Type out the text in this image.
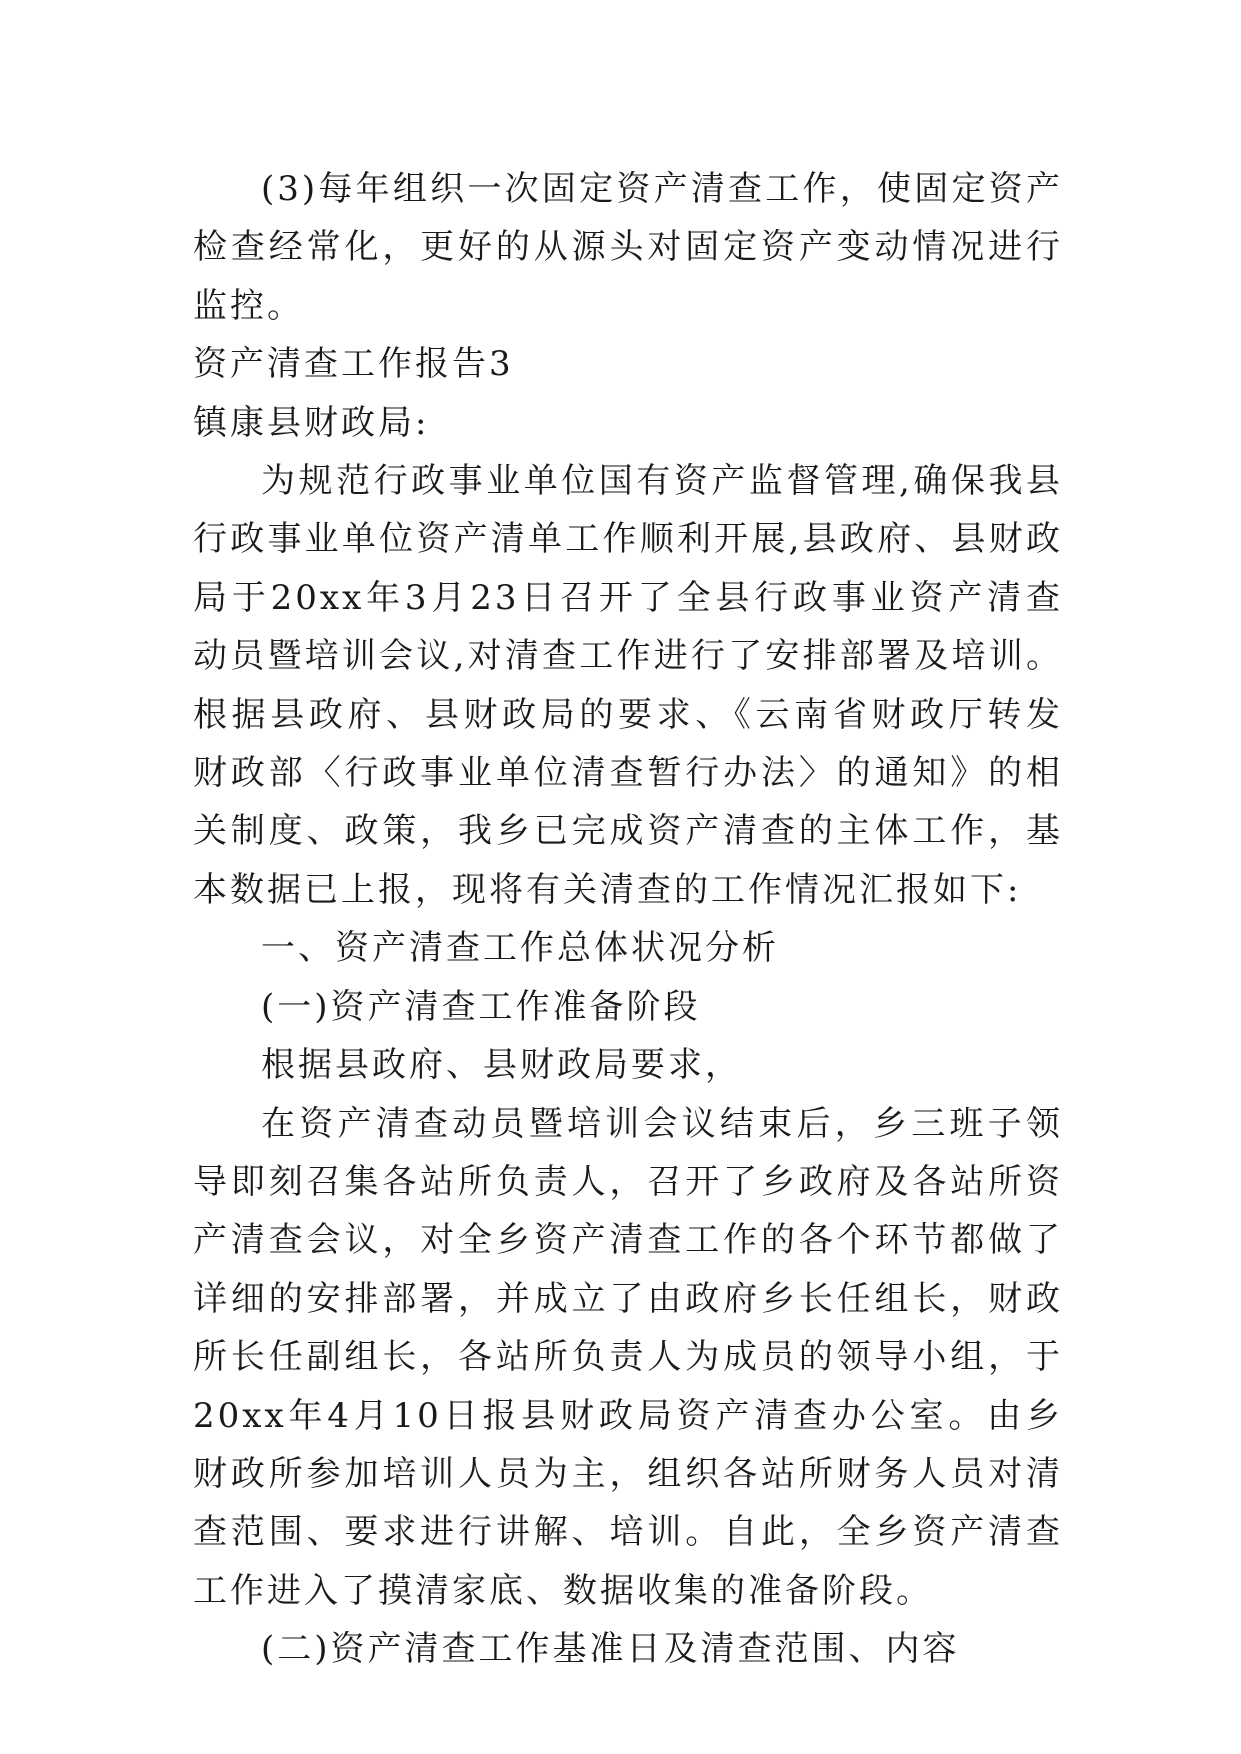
(3)每年组织一次固定资产清查工作，使固定资产检查经常化，更好的从源头对固定资产变动情况进行监控。

资产清查工作报告3

镇康县财政局:

为规范行政事业单位国有资产监督管理,确保我县行政事业单位资产清单工作顺利开展,县政府、县财政局于20xx年3月23日召开了全县行政事业资产清查动员暨培训会议,对清查工作进行了安排部署及培训。根据县政府、县财政局的要求、《云南省财政厅转发财政部〈行政事业单位清查暂行办法〉的通知》的相关制度、政策，我乡已完成资产清查的主体工作，基本数据已上报，现将有关清查的工作情况汇报如下:

一、资产清查工作总体状况分析

(一)资产清查工作准备阶段

根据县政府、县财政局要求，

在资产清查动员暨培训会议结束后，乡三班子领导即刻召集各站所负责人，召开了乡政府及各站所资产清查会议，对全乡资产清查工作的各个环节都做了详细的安排部署，并成立了由政府乡长任组长，财政所长任副组长，各站所负责人为成员的领导小组，于20xx年4月10日报县财政局资产清查办公室。由乡财政所参加培训人员为主，组织各站所财务人员对清查范围、要求进行讲解、培训。自此，全乡资产清查工作进入了摸清家底、数据收集的准备阶段。

(二)资产清查工作基准日及清查范围、内容
